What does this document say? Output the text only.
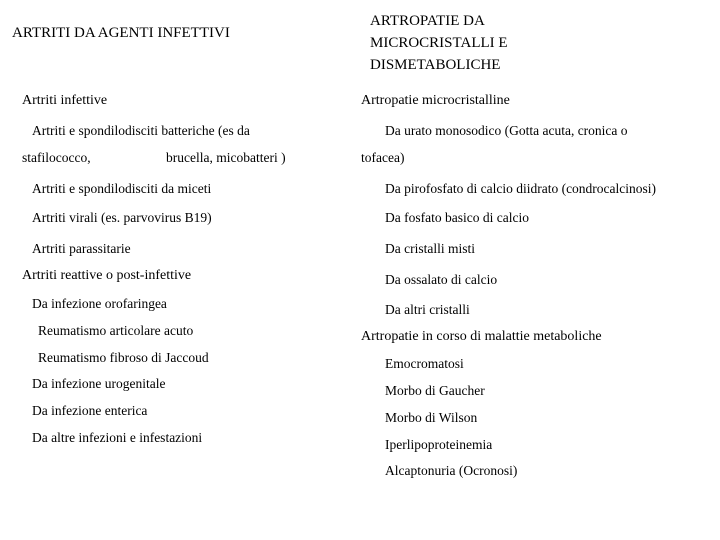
ARTRITI DA AGENTI INFETTIVI
Artriti infettive
Artriti e spondilodisciti batteriche (es da
stafilococco,	brucella, micobatteri )
Artriti e spondilodisciti da miceti
Artriti virali (es. parvovirus B19)
Artriti parassitarie
Artriti reattive o post-infettive
Da infezione orofaringea
Reumatismo articolare acuto
Reumatismo fibroso di Jaccoud
Da infezione urogenitale
Da infezione enterica
Da altre infezioni e infestazioni
ARTROPATIE DA
MICROCRISTALLI E
DISMETABOLICHE
Artropatie microcristalline
Da urato monosodico (Gotta acuta, cronica o
tofacea)
Da pirofosfato di calcio diidrato (condrocalcinosi)
Da fosfato basico di calcio
Da cristalli misti
Da ossalato di calcio
Da altri cristalli
Artropatie in corso di malattie metaboliche
Emocromatosi
Morbo di Gaucher
Morbo di Wilson
Iperlipoproteinemia
Alcaptonuria (Ocronosi)
